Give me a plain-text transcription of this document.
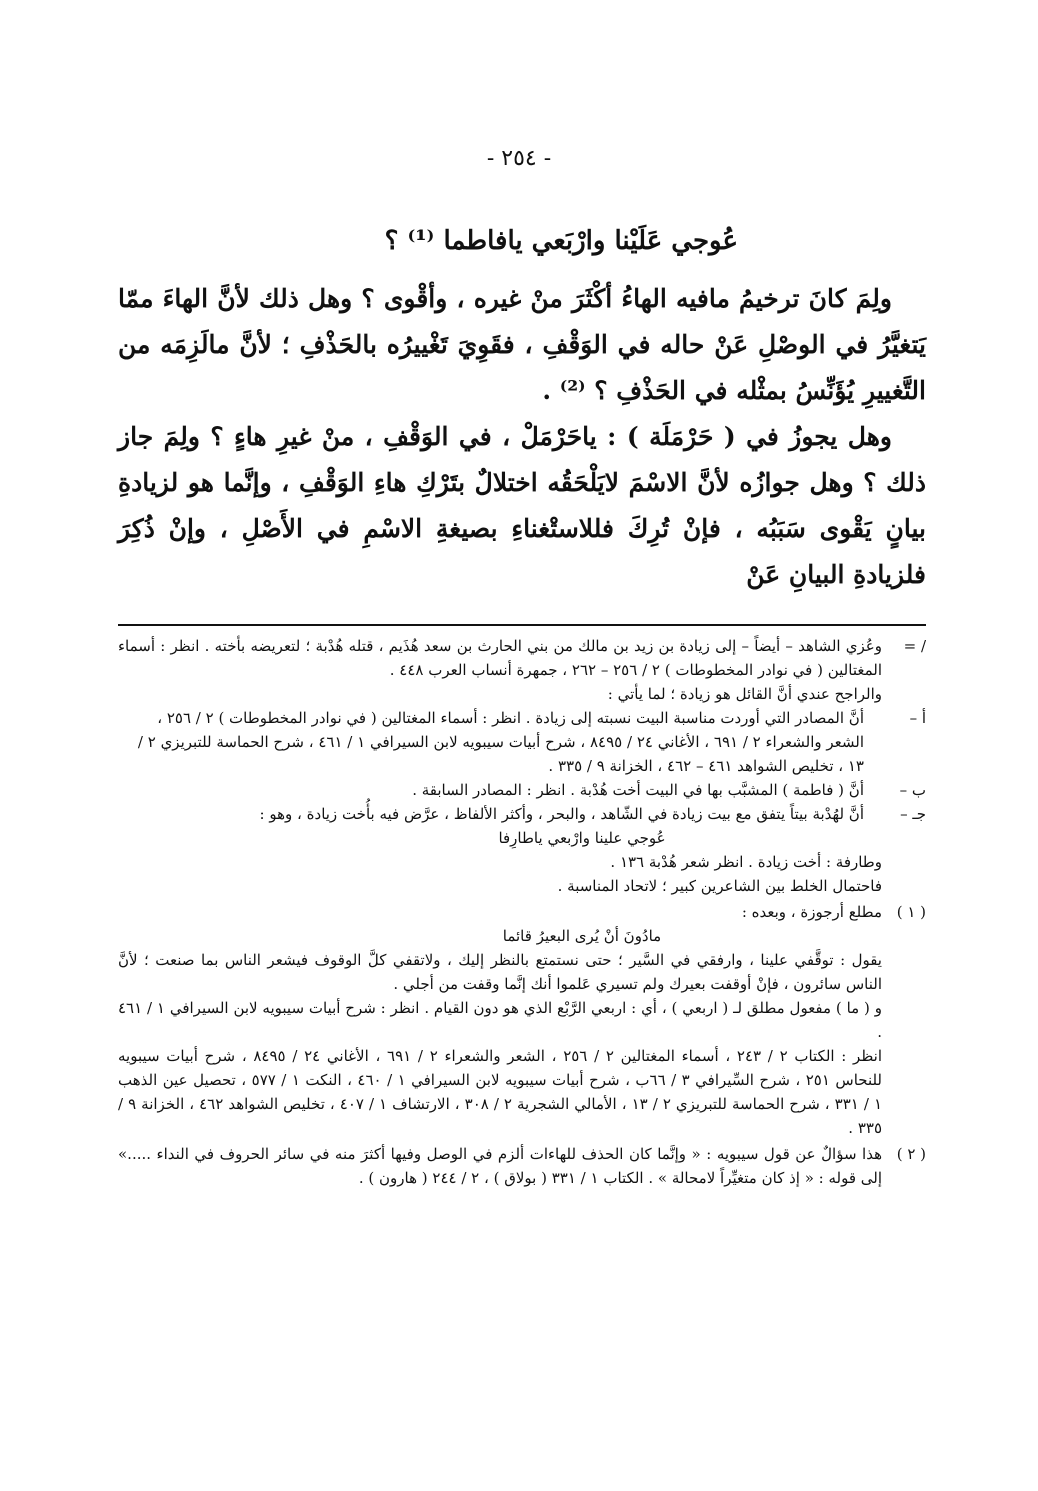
- ٢٥٤ -
عُوجي عَلَيْنا وارْبَعي يافاطما ⁽¹⁾ ؟

ولِمَ كانَ ترخيمُ مافيه الهاءُ أكْثَرَ منْ غيره ، وأقْوى ؟ وهل ذلك لأنَّ الهاءَ ممّا يَتغيَّرُ في الوصْلِ عَنْ حاله في الوَقْفِ ، فقَوِيَ تَغْييرُه بالحَذْفِ ؛ لأنَّ مالَزِمَه من التَّغييرِ يُؤَنِّسُ بمثْله في الحَذْفِ ؟ ⁽²⁾ .

وهل يجوزُ في ( حَرْمَلَة ) : ياحَرْمَلْ ، في الوَقْفِ ، منْ غيرِ هاءٍ ؟ ولِمَ جاز ذلك ؟ وهل جوازُه لأنَّ الاسْمَ لايَلْحَقُه اختلالٌ بتَرْكِ هاءِ الوَقْفِ ، وإنَّما هو لزيادةِ بيانٍ يَقْوى سَبَبُه ، فإنْ تُرِكَ فللاستْغناءِ بصيغةِ الاسْمِ في الأَصْلِ ، وإنْ ذُكِرَ فلزيادةِ البيانِ عَنْ

/ =
وعُزي الشاهد – أيضاً – إلى زيادة بن زيد بن مالك من بني الحارث بن سعد هُذَيم ، قتله هُدْبة ؛ لتعريضه بأخته . انظر : أسماء المغتالين ( في نوادر المخطوطات ) ٢ / ٢٥٦ – ٢٦٢ ، جمهرة أنساب العرب ٤٤٨ .
والراجح عندي أنَّ القائل هو زيادة ؛ لما يأتي :
أ –
أنَّ المصادر التي أوردت مناسبة البيت نسبته إلى زيادة . انظر : أسماء المغتالين ( في نوادر المخطوطات ) ٢ / ٢٥٦ ، الشعر والشعراء ٢ / ٦٩١ ، الأغاني ٢٤ / ٨٤٩٥ ، شرح أبيات سيبويه لابن السيرافي ١ / ٤٦١ ، شرح الحماسة للتبريزي ٢ / ١٣ ، تخليص الشواهد ٤٦١ – ٤٦٢ ، الخزانة ٩ / ٣٣٥ .
ب –
أنَّ ( فاطمة ) المشبَّب بها في البيت أخت هُدْبة . انظر : المصادر السابقة .
جـ –
أنَّ لهُدْبة بيتاً يتفق مع بيت زيادة في الشّاهد ، والبحر ، وأكثر الألفاظ ، عرَّض فيه بأُخت زيادة ، وهو :
عُوجي علينا وارْبعي ياطارِفا
وطارفة : أخت زيادة . انظر شعر هُدْبة ١٣٦ .
فاحتمال الخلط بين الشاعرين كبير ؛ لاتحاد المناسبة .
( ١ )
مطلع أرجوزة ، وبعده :
مادُونَ أنْ يُرى البعيرُ قائما
يقول : توقَّفي علينا ، وارفقي في السَّير ؛ حتى نستمتع بالنظر إليك ، ولاتقفي كلَّ الوقوف فيشعر الناس بما صنعت ؛ لأنَّ الناس سائرون ، فإنْ أوقفت بعيرك ولم تسيري عَلموا أنك إنَّما وقفت من أجلي .
و ( ما ) مفعول مطلق لـ ( اربعي ) ، أي : اربعي الرَّبْع الذي هو دون القيام . انظر : شرح أبيات سيبويه لابن السيرافي ١ / ٤٦١ .
انظر : الكتاب ٢ / ٢٤٣ ، أسماء المغتالين ٢ / ٢٥٦ ، الشعر والشعراء ٢ / ٦٩١ ، الأغاني ٢٤ / ٨٤٩٥ ، شرح أبيات سيبويه للنحاس ٢٥١ ، شرح السِّيرافي ٣ / ٦٦ب ، شرح أبيات سيبويه لابن السيرافي ١ / ٤٦٠ ، النكت ١ / ٥٧٧ ، تحصيل عين الذهب ١ / ٣٣١ ، شرح الحماسة للتبريزي ٢ / ١٣ ، الأمالي الشجرية ٢ / ٣٠٨ ، الارتشاف ١ / ٤٠٧ ، تخليص الشواهد ٤٦٢ ، الخزانة ٩ / ٣٣٥ .
( ٢ )
هذا سؤالٌ عن قول سيبويه : « وإنَّما كان الحذف للهاءات ألزم في الوصل وفيها أكثرَ منه في سائر الحروف في النداء .....» إلى قوله : « إذ كان متغيِّراً لامحالة » . الكتاب ١ / ٣٣١ ( بولاق ) ، ٢ / ٢٤٤ ( هارون ) .
